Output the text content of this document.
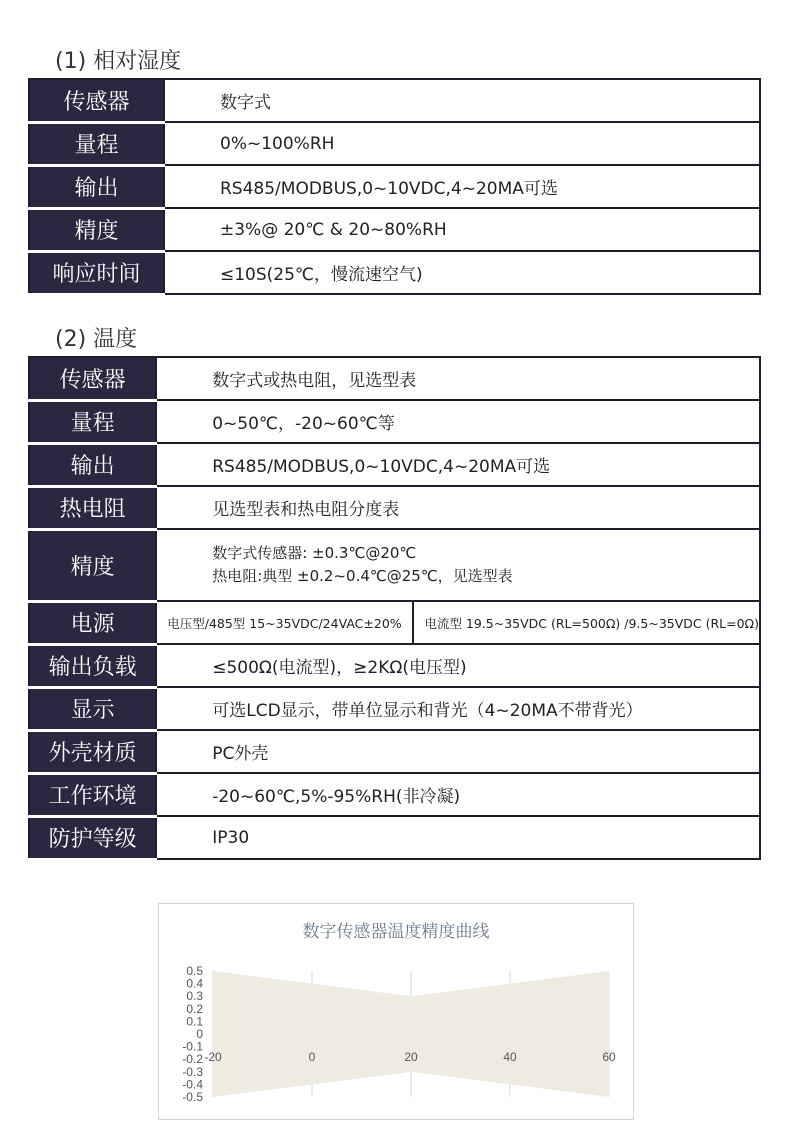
(1) 相对湿度
传感器	数字式
量程	0%~100%RH
输出	RS485/MODBUS,0~10VDC,4~20MA可选
精度	±3%@ 20℃ & 20~80%RH
响应时间	≤10S(25℃，慢流速空气)
(2) 温度
传感器	数字式或热电阻，见选型表	
量程	0~50℃，-20~60℃等	
输出	RS485/MODBUS,0~10VDC,4~20MA可选	
热电阻	见选型表和热电阻分度表	
精度	数字式传感器: ±0.3℃@20℃
热电阻:典型 ±0.2~0.4℃@25℃，见选型表	

电源	电压型/485型 15~35VDC/24VAC±20%	电流型 19.5~35VDC (RL=500Ω) /9.5~35VDC (RL=0Ω)
输出负载	≤500Ω(电流型)，≥2KΩ(电压型)	
显示	可选LCD显示，带单位显示和背光（4~20MA不带背光）	
外壳材质	PC外壳	
工作环境	-20~60℃,5%-95%RH(非冷凝)	
防护等级	IP30	
数字传感器温度精度曲线
0.5
0.4
0.3
0.2
0.1
0
-0.1
-0.2
-0.3
-0.4
-0.5
-20	0	20	40	60
